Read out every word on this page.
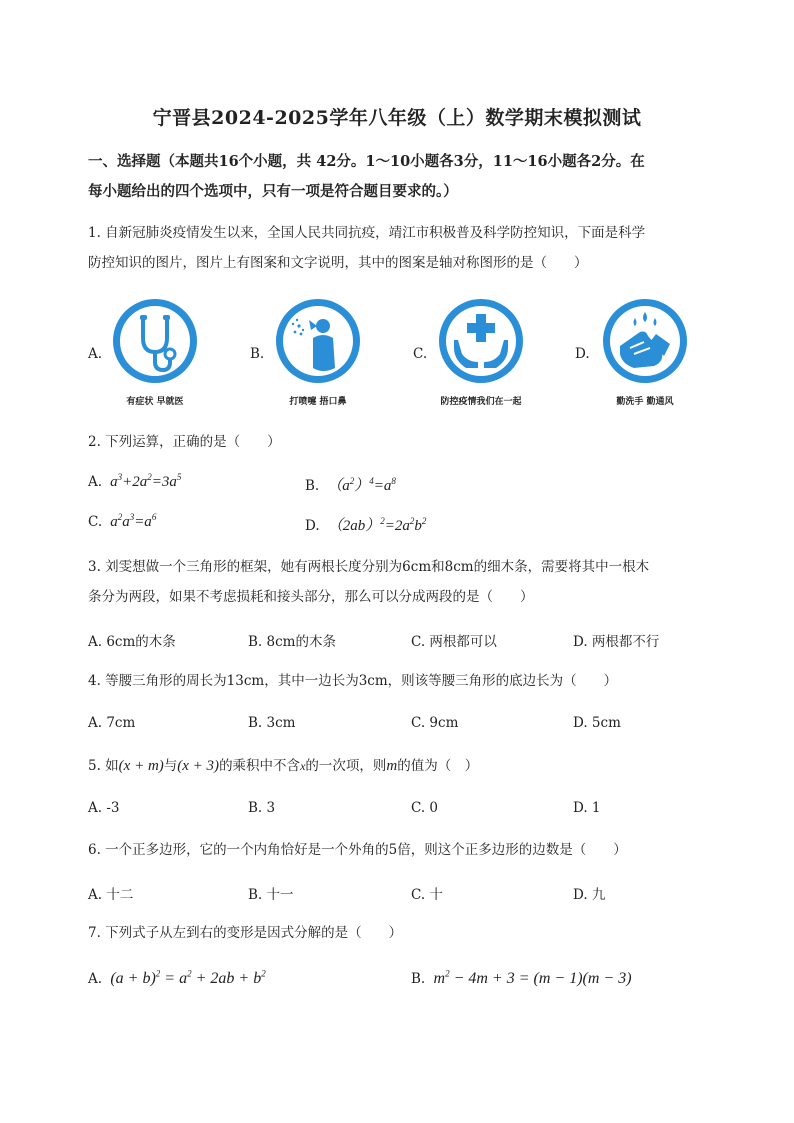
宁晋县2024-2025学年八年级（上）数学期末模拟测试
一、选择题（本题共16个小题，共 42分。1～10小题各3分，11～16小题各2分。在
每小题给出的四个选项中，只有一项是符合题目要求的。）
1. 自新冠肺炎疫情发生以来，全国人民共同抗疫，靖江市积极普及科学防控知识，下面是科学
防控知识的图片，图片上有图案和文字说明，其中的图案是轴对称图形的是（　　）
A.
有症状 早就医
B.
打喷嚏 捂口鼻
C.
防控疫情我们在一起
D.
勤洗手 勤通风
2. 下列运算，正确的是（　　）
A.  $a^3+2a^2=3a^5$
B.  $(a^2)^4=a^8$
C.  $a^2a^3=a^6$
D.  $(2ab)^2=2a^2b^2$
3. 刘雯想做一个三角形的框架，她有两根长度分别为6cm和8cm的细木条，需要将其中一根木
条分为两段，如果不考虑损耗和接头部分，那么可以分成两段的是（　　）
A. 6cm的木条	B. 8cm的木条	C. 两根都可以	D. 两根都不行
4. 等腰三角形的周长为13cm，其中一边长为3cm，则该等腰三角形的底边长为（　　）
A. 7cm	B. 3cm	C. 9cm	D. 5cm
5. 如(x + m)与(x + 3)的乘积中不含x的一次项，则m的值为（　）
A. -3	B. 3	C. 0	D. 1
6. 一个正多边形，它的一个内角恰好是一个外角的5倍，则这个正多边形的边数是（　　）
A. 十二	B. 十一	C. 十	D. 九
7. 下列式子从左到右的变形是因式分解的是（　　）
A.  $(a + b)^2 = a^2 + 2ab + b^2$	B.  $m^2 - 4m + 3 = (m - 1)(m - 3)$
